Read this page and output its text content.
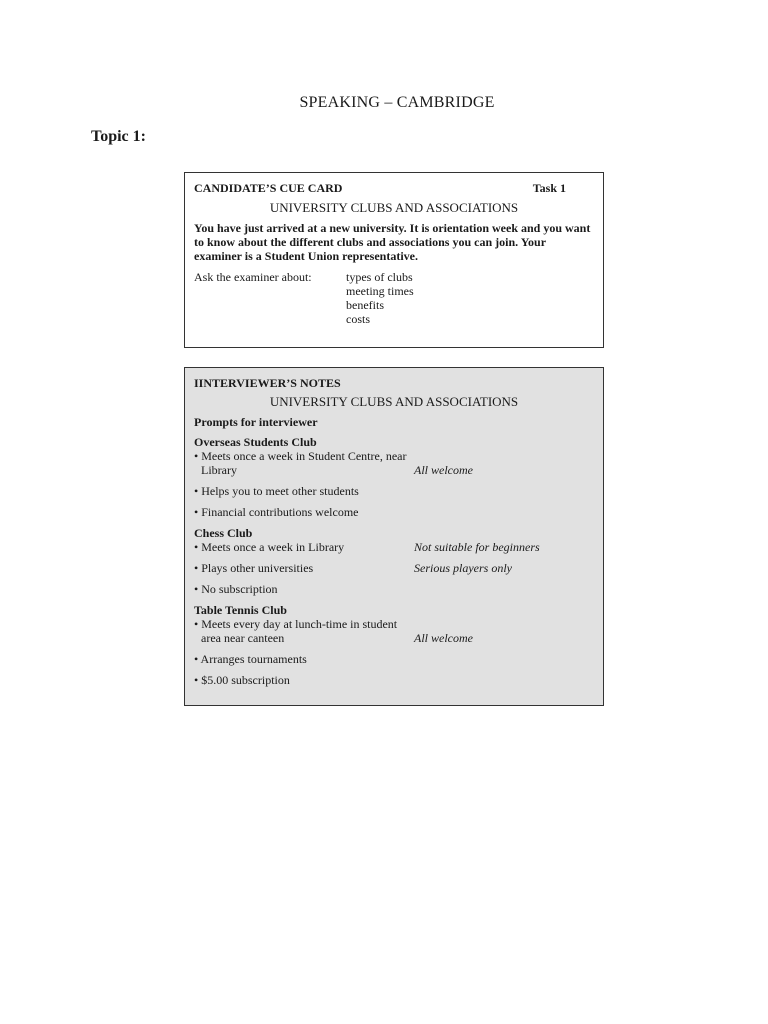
SPEAKING – CAMBRIDGE
Topic 1:
CANDIDATE’S CUE CARD	Task 1
UNIVERSITY CLUBS AND ASSOCIATIONS
You have just arrived at a new university. It is orientation week and you want to know about the different clubs and associations you can join. Your examiner is a Student Union representative.
Ask the examiner about:	types of clubs
meeting times
benefits
costs
IINTERVIEWER’S NOTES
UNIVERSITY CLUBS AND ASSOCIATIONS
Prompts for interviewer
Overseas Students Club
• Meets once a week in Student Centre, near Library	All welcome
• Helps you to meet other students
• Financial contributions welcome
Chess Club
• Meets once a week in Library	Not suitable for beginners
• Plays other universities	Serious players only
• No subscription
Table Tennis Club
• Meets every day at lunch-time in student area near canteen	All welcome
• Arranges tournaments
• $5.00 subscription
